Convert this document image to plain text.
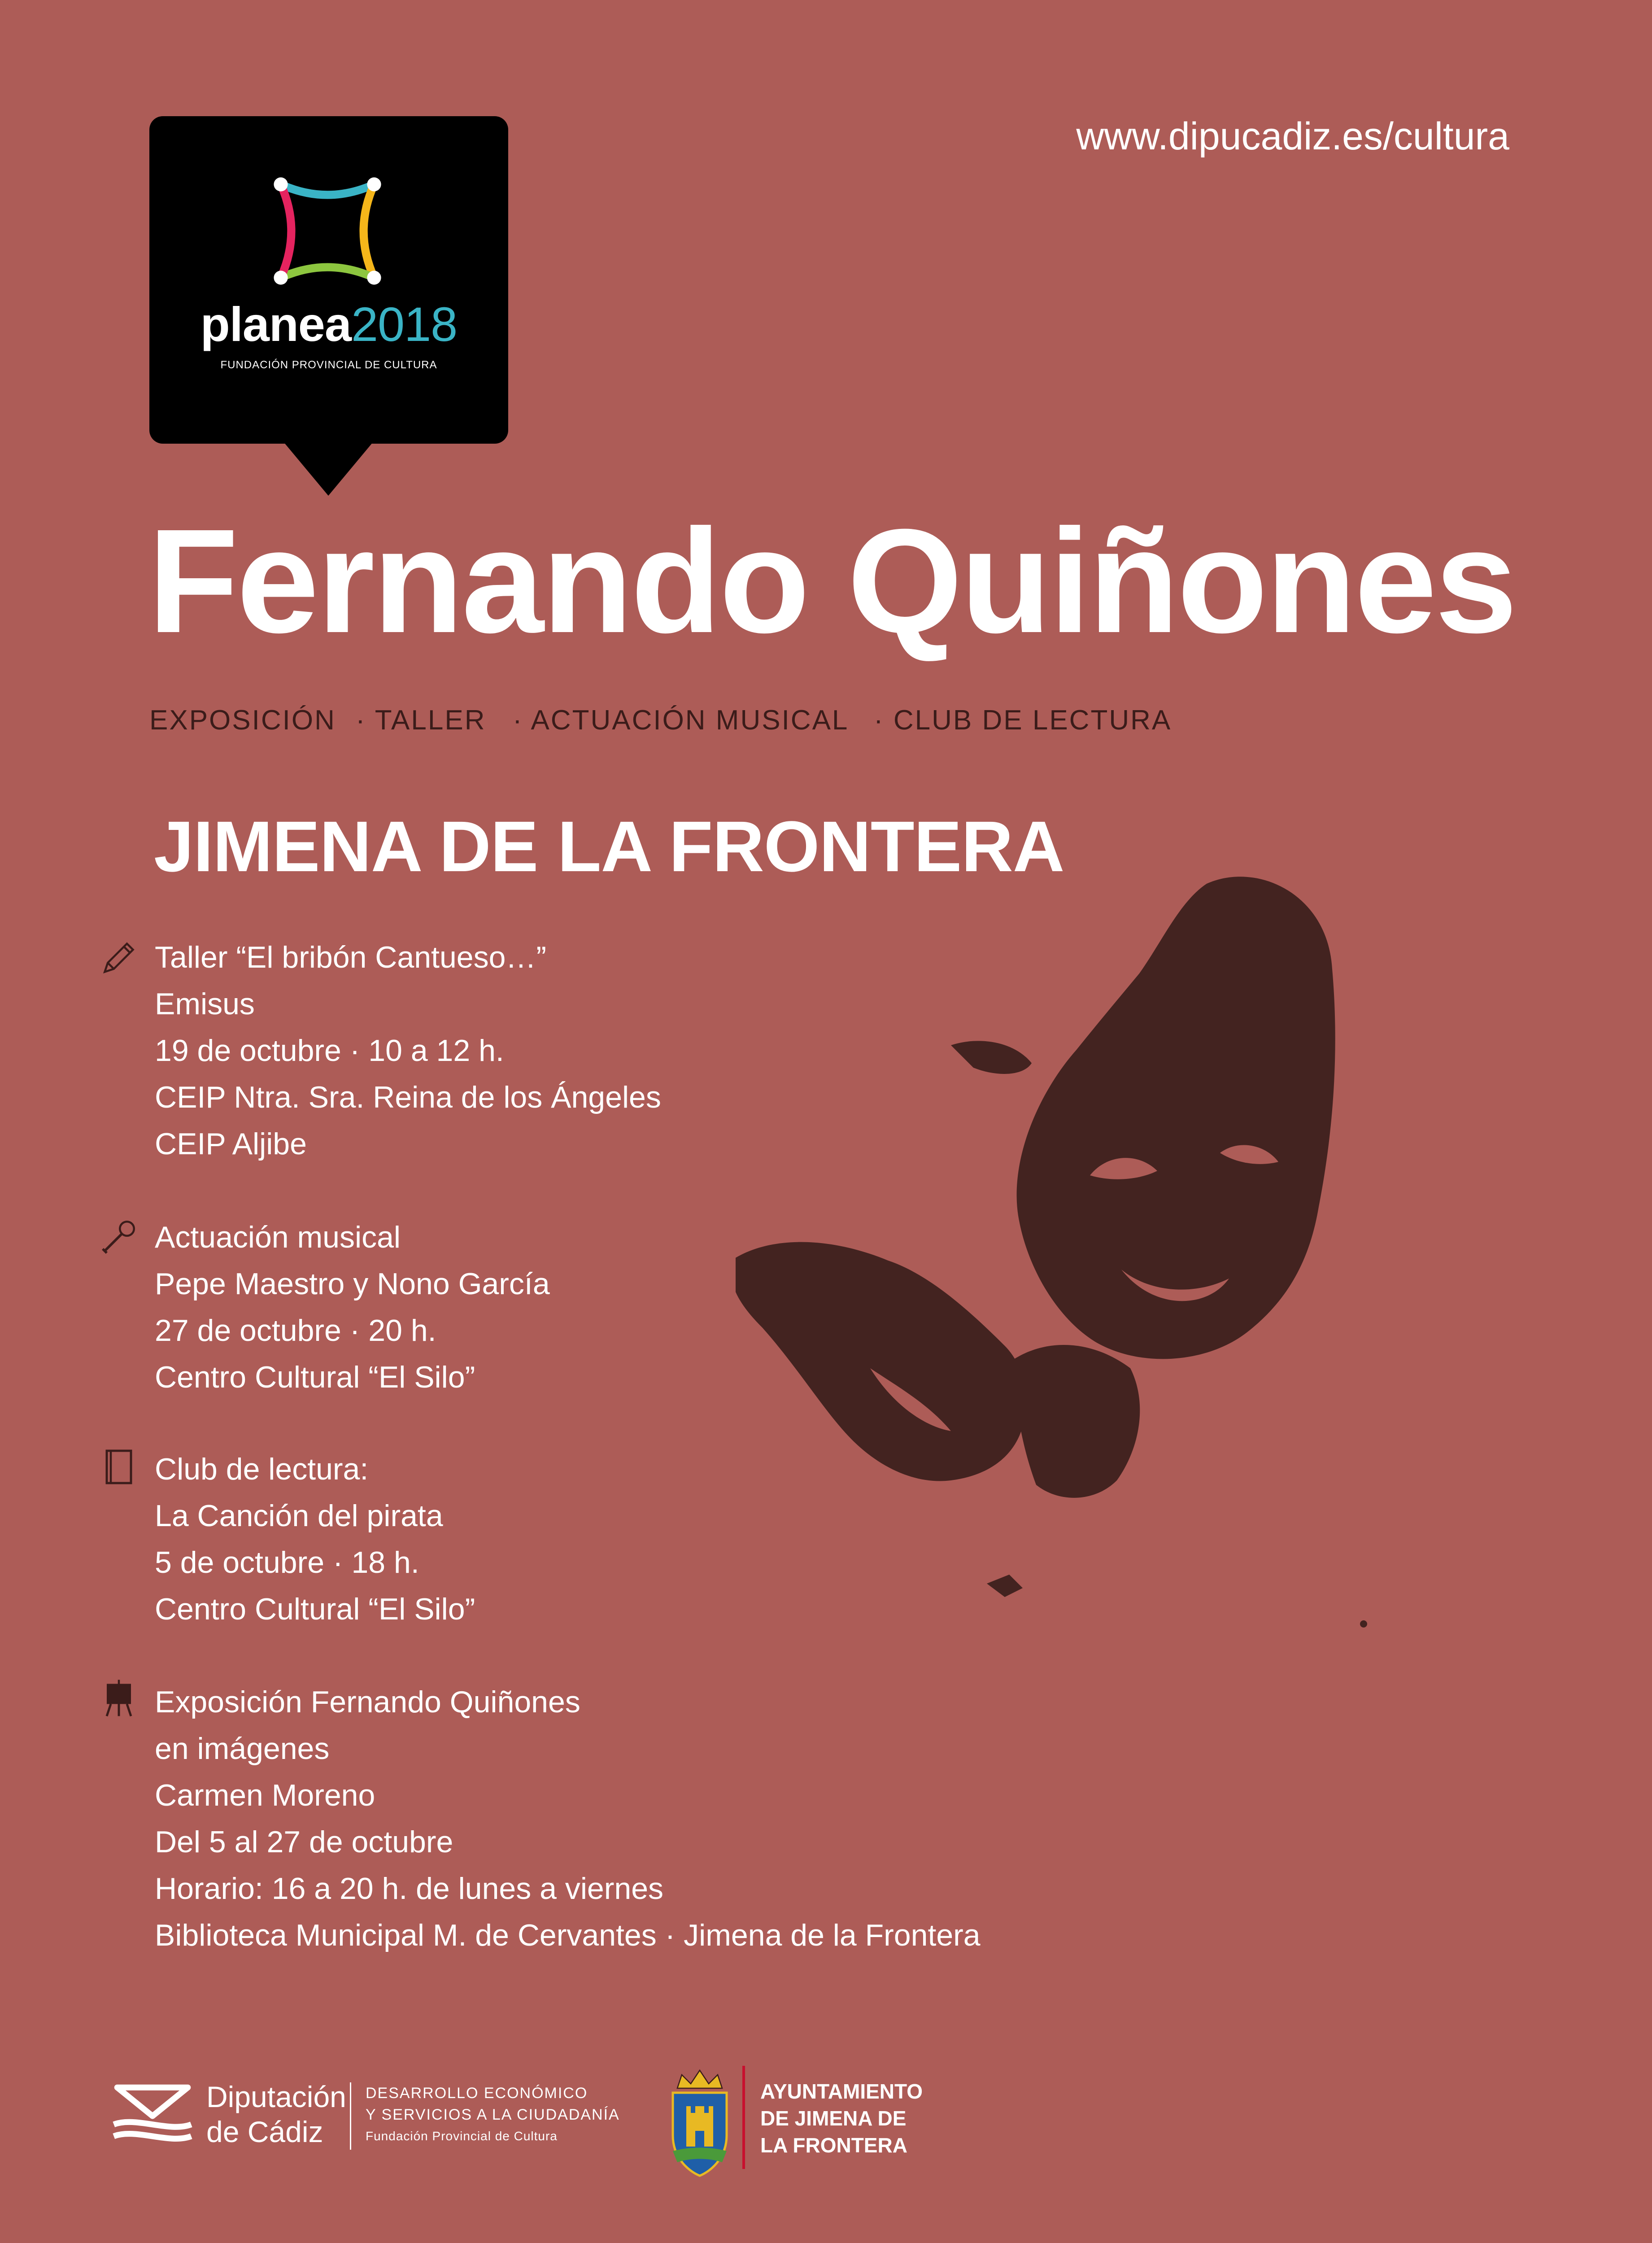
www.dipucadiz.es/cultura
planea2018
FUNDACIÓN PROVINCIAL DE CULTURA
Fernando Quiñones
EXPOSICIÓN · TALLER · ACTUACIÓN MUSICAL · CLUB DE LECTURA
JIMENA DE LA FRONTERA
Taller “El bribón Cantueso…”
Emisus
19 de octubre · 10 a 12 h.
CEIP Ntra. Sra. Reina de los Ángeles
CEIP Aljibe
Actuación musical
Pepe Maestro y Nono García
27 de octubre · 20 h.
Centro Cultural “El Silo”
Club de lectura:
La Canción del pirata
5 de octubre · 18 h.
Centro Cultural “El Silo”
Exposición Fernando Quiñones
en imágenes
Carmen Moreno
Del 5 al 27 de octubre
Horario: 16 a 20 h. de lunes a viernes
Biblioteca Municipal M. de Cervantes · Jimena de la Frontera
Diputación
de Cádiz
DESARROLLO ECONÓMICO
Y SERVICIOS A LA CIUDADANÍA
Fundación Provincial de Cultura
AYUNTAMIENTO
DE JIMENA DE
LA FRONTERA
